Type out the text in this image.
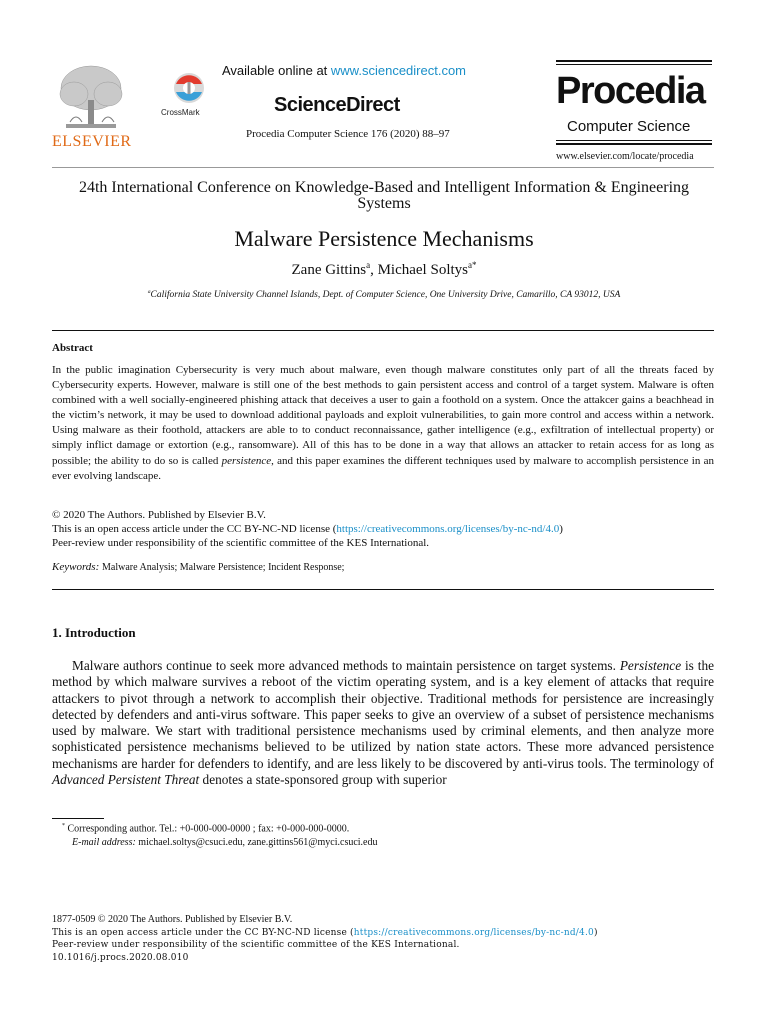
ELSEVIER
CrossMark
Available online at www.sciencedirect.com
ScienceDirect
Procedia Computer Science 176 (2020) 88–97
Procedia
Computer Science
www.elsevier.com/locate/procedia
24th International Conference on Knowledge-Based and Intelligent Information & Engineering Systems
Malware Persistence Mechanisms
Zane Gittins$^a$, Michael Soltys$^{a*}$
$^a$California State University Channel Islands, Dept. of Computer Science, One University Drive, Camarillo, CA 93012, USA
Abstract
In the public imagination Cybersecurity is very much about malware, even though malware constitutes only part of all the threats faced by Cybersecurity experts. However, malware is still one of the best methods to gain persistent access and control of a target system. Malware is often combined with a well socially-engineered phishing attack that deceives a user to gain a foothold on a system. Once the attakcer gains a beachhead in the victim’s network, it may be used to download additional payloads and exploit vulnerabilities, to gain more control and access within a network. Using malware as their foothold, attackers are able to to conduct reconnaissance, gather intelligence (e.g., exfiltration of intellectual property) or simply inflict damage or extortion (e.g., ransomware). All of this has to be done in a way that allows an attacker to retain access for as long as possible; the ability to do so is called persistence, and this paper examines the different techniques used by malware to accomplish persistence in an ever evolving landscape.
© 2020 The Authors. Published by Elsevier B.V.
This is an open access article under the CC BY-NC-ND license (https://creativecommons.org/licenses/by-nc-nd/4.0)
Peer-review under responsibility of the scientific committee of the KES International.
Keywords: Malware Analysis; Malware Persistence; Incident Response;
1. Introduction
Malware authors continue to seek more advanced methods to maintain persistence on target systems. Persistence is the method by which malware survives a reboot of the victim operating system, and is a key element of attacks that require attackers to pivot through a network to accomplish their objective. Traditional methods for persistence are increasingly detected by defenders and anti-virus software. This paper seeks to give an overview of a subset of persistence mechanisms used by malware. We start with traditional persistence mechanisms used by criminal elements, and then analyze more sophisticated persistence mechanisms believed to be utilized by nation state actors. These more advanced persistence mechanisms are harder for defenders to identify, and are less likely to be discovered by anti-virus tools. The terminology of Advanced Persistent Threat denotes a state-sponsored group with superior
* Corresponding author. Tel.: +0-000-000-0000 ; fax: +0-000-000-0000.
E-mail address: michael.soltys@csuci.edu, zane.gittins561@myci.csuci.edu
1877-0509 © 2020 The Authors. Published by Elsevier B.V.
This is an open access article under the CC BY-NC-ND license (https://creativecommons.org/licenses/by-nc-nd/4.0)
Peer-review under responsibility of the scientific committee of the KES International.
10.1016/j.procs.2020.08.010
